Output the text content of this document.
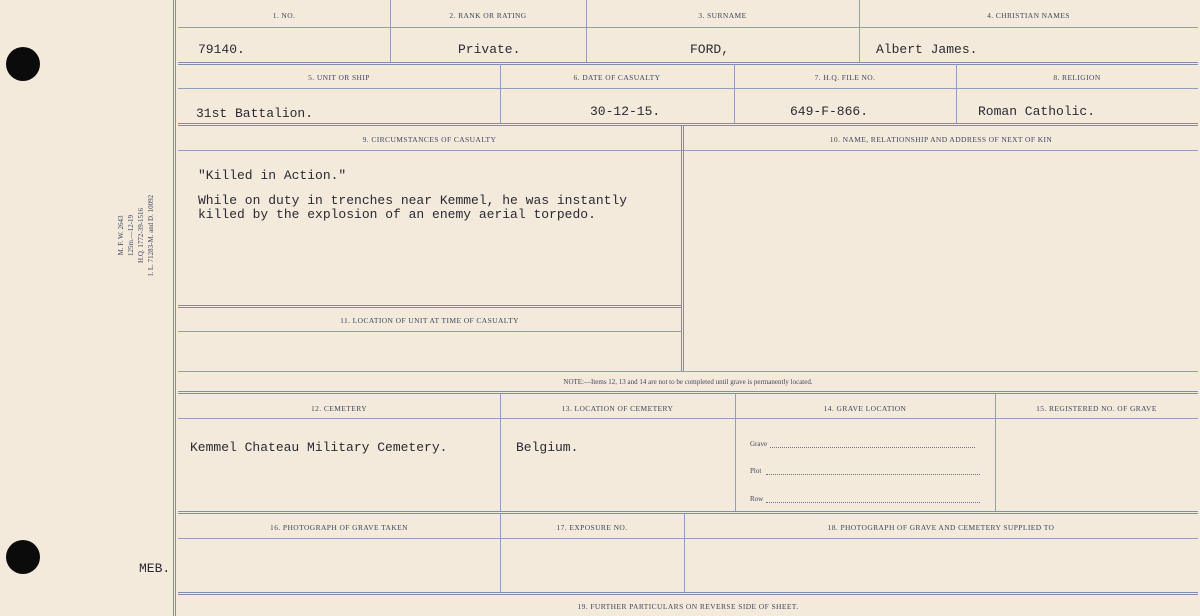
M. F. W. 2643 125m.—12-19 H.Q. 1772-39-1516 I. L. 71283-M. and D. 10092
1. NO.	2. RANK OR RATING	3. SURNAME	4. CHRISTIAN NAMES
79140.	Private.	FORD,	Albert James.
5. UNIT OR SHIP	6. DATE OF CASUALTY	7. H.Q. FILE NO.	8. RELIGION
31st Battalion.	30-12-15.	649-F-866.	Roman Catholic.
9. CIRCUMSTANCES OF CASUALTY	10. NAME, RELATIONSHIP AND ADDRESS OF NEXT OF KIN
"Killed in Action."
While on duty in trenches near Kemmel, he was instantly
killed by the explosion of an enemy aerial torpedo.
11. LOCATION OF UNIT AT TIME OF CASUALTY
NOTE:—Items 12, 13 and 14 are not to be completed until grave is permanently located.
12. CEMETERY	13. LOCATION OF CEMETERY	14. GRAVE LOCATION	15. REGISTERED NO. OF GRAVE
Kemmel Chateau Military Cemetery.	Belgium.	Grave
Plot
Row
16. PHOTOGRAPH OF GRAVE TAKEN	17. EXPOSURE NO.	18. PHOTOGRAPH OF GRAVE AND CEMETERY SUPPLIED TO
19. FURTHER PARTICULARS ON REVERSE SIDE OF SHEET.
MEB.
